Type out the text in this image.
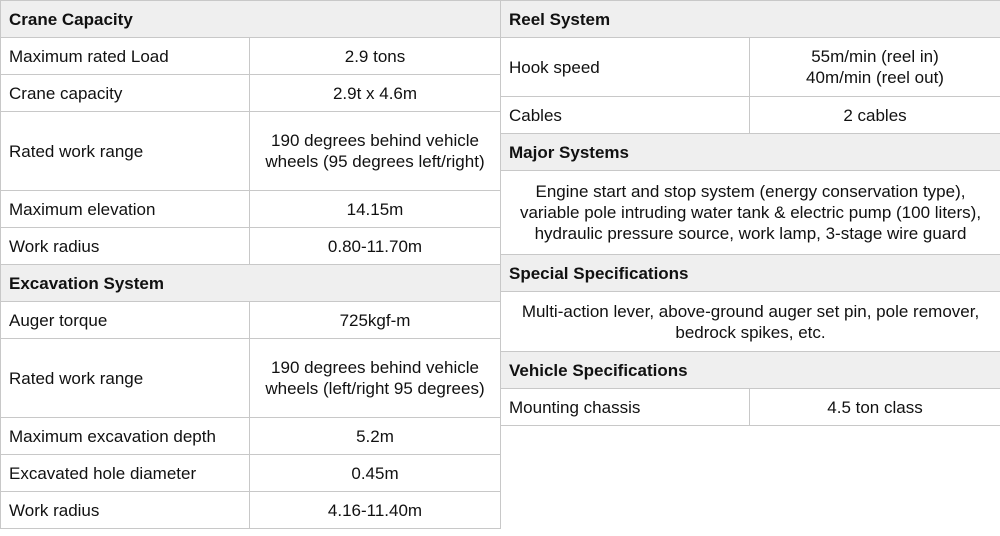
Crane Capacity	
Maximum rated Load	2.9 tons
Crane capacity	2.9t x 4.6m
Rated work range	190 degrees behind vehicle wheels (95 degrees left/right)
Maximum elevation	14.15m
Work radius	0.80-11.70m
Excavation System	
Auger torque	725kgf-m
Rated work range	190 degrees behind vehicle wheels (left/right 95 degrees)
Maximum excavation depth	5.2m
Excavated hole diameter	0.45m
Work radius	4.16-11.40m
Reel System	
Hook speed	55m/min (reel in)
40m/min (reel out)

Cables	2 cables
Major Systems	
Engine start and stop system (energy conservation type), variable pole intruding water tank & electric pump (100 liters), hydraulic pressure source, work lamp, 3-stage wire guard	
Special Specifications	
Multi-action lever, above-ground auger set pin, pole remover, bedrock spikes, etc.	
Vehicle Specifications	
Mounting chassis	4.5 ton class
